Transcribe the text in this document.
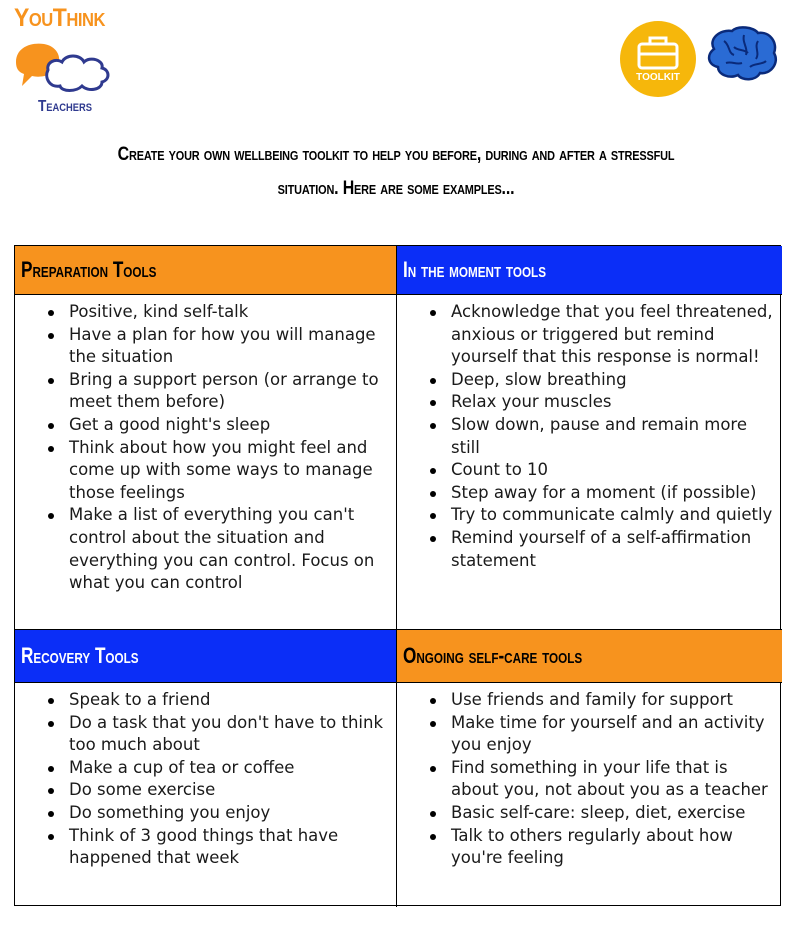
YouThink
Teachers
TOOLKIT
Create your own wellbeing toolkit to help you before, during and after a stressful
situation. Here are some examples...
Preparation Tools	In the moment tools
Positive, kind self-talk
Have a plan for how you will manage the situation
Bring a support person (or arrange to meet them before)
Get a good night's sleep
Think about how you might feel and come up with some ways to manage those feelings
Make a list of everything you can't control about the situation and everything you can control. Focus on what you can control
Acknowledge that you feel threatened, anxious or triggered but remind yourself that this response is normal!
Deep, slow breathing
Relax your muscles
Slow down, pause and remain more still
Count to 10
Step away for a moment (if possible)
Try to communicate calmly and quietly
Remind yourself of a self-affirmation statement
Recovery Tools	Ongoing self-care tools
Speak to a friend
Do a task that you don't have to think too much about
Make a cup of tea or coffee
Do some exercise
Do something you enjoy
Think of 3 good things that have happened that week
Use friends and family for support
Make time for yourself and an activity you enjoy
Find something in your life that is about you, not about you as a teacher
Basic self-care: sleep, diet, exercise
Talk to others regularly about how you're feeling
